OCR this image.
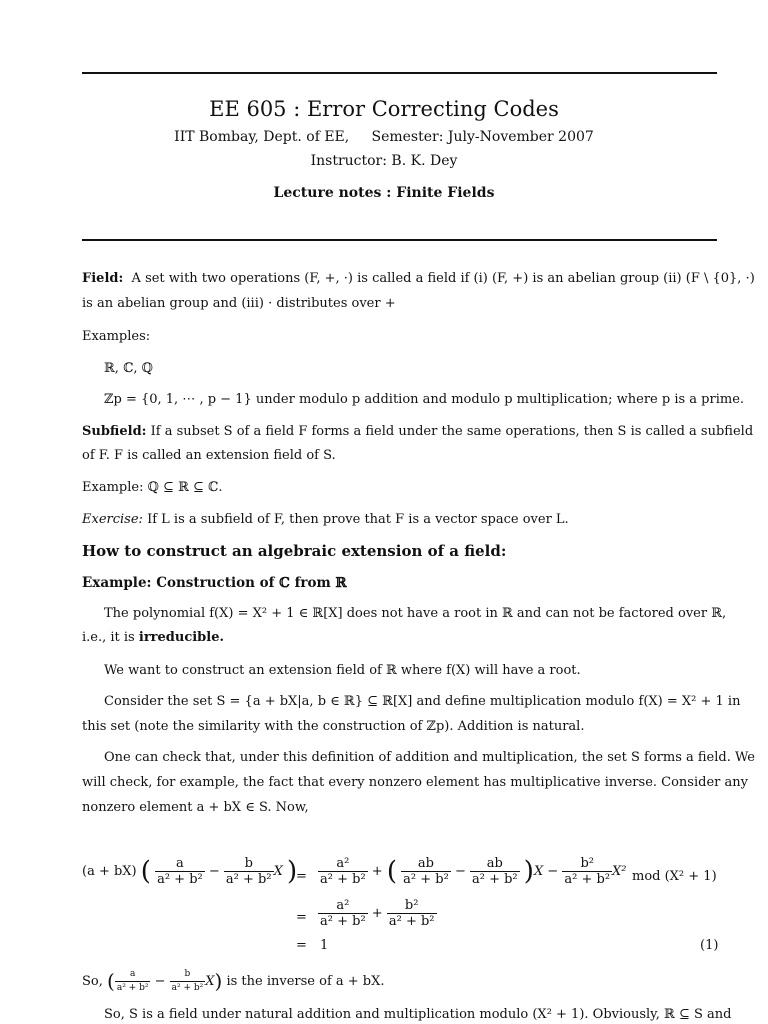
EE 605 : Error Correcting Codes
IIT Bombay, Dept. of EE, Semester: July-November 2007
Instructor: B. K. Dey
Lecture notes : Finite Fields
Field: A set with two operations (F, +, ·) is called a field if (i) (F, +) is an abelian group (ii) (F \ {0}, ·)
is an abelian group and (iii) · distributes over +
Examples:
ℝ, ℂ, ℚ
ℤp = {0, 1, ⋯ , p − 1} under modulo p addition and modulo p multiplication; where p is a prime.
Subfield: If a subset S of a field F forms a field under the same operations, then S is called a subfield
of F. F is called an extension field of S.
Example: ℚ ⊆ ℝ ⊆ ℂ.
Exercise: If L is a subfield of F, then prove that F is a vector space over L.
How to construct an algebraic extension of a field:
Example: Construction of ℂ from ℝ
The polynomial f(X) = X² + 1 ∈ ℝ[X] does not have a root in ℝ and can not be factored over ℝ,
i.e., it is irreducible.
We want to construct an extension field of ℝ where f(X) will have a root.
Consider the set S = {a + bX|a, b ∈ ℝ} ⊆ ℝ[X] and define multiplication modulo f(X) = X² + 1 in
this set (note the similarity with the construction of ℤp). Addition is natural.
One can check that, under this definition of addition and multiplication, the set S forms a field. We
will check, for example, the fact that every nonzero element has multiplicative inverse. Consider any
nonzero element a + bX ∈ S. Now,
(a + bX) ( $\frac{a}{\text{a² + b²}} - \frac{b}{\text{a² + b²}}$ X )
= $\frac{\text{a²}}{\text{a² + b²}}$ + ( $\frac{ab}{\text{a² + b²}} - \frac{ab}{\text{a² + b²}} )X - \frac{\text{b²}}{\text{a² + b²}} X^2$ mod (X² + 1)
= $\frac{\text{a²}}{\text{a² + b²}} + \frac{\text{b²}}{\text{a² + b²}}$
= 1	(1)
So, ( $\frac{a}{\text{a² + b²}} - \frac{b}{\text{a² + b²}} X$) is the inverse of a + bX.
So, S is a field under natural addition and multiplication modulo (X² + 1). Obviously, ℝ ⊆ S and
